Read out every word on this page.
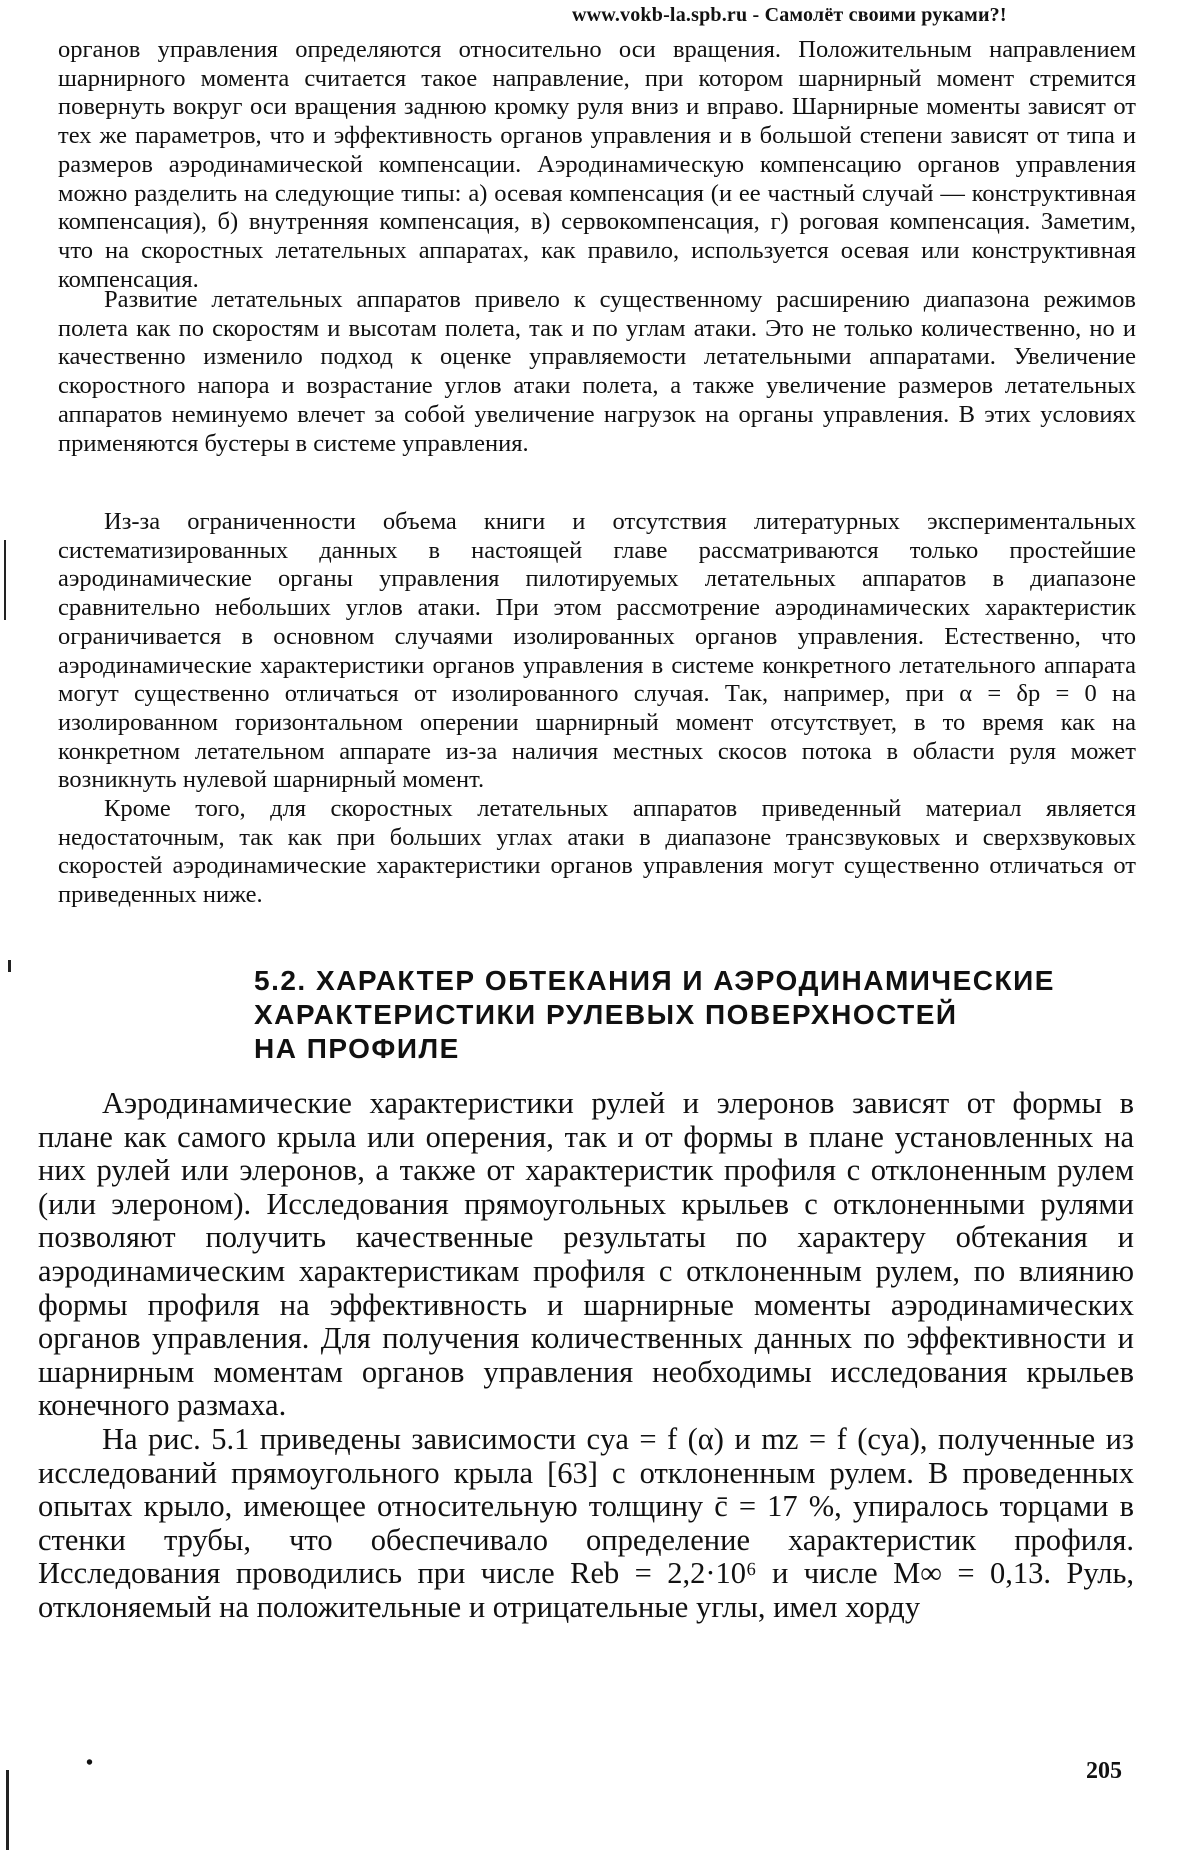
www.vokb-la.spb.ru - Самолёт своими руками?!

органов управления определяются относительно оси вращения. Положительным направлением шарнирного момента считается такое направление, при котором шарнирный момент стремится повернуть вокруг оси вращения заднюю кромку руля вниз и вправо. Шарнирные моменты зависят от тех же параметров, что и эффективность органов управления и в большой степени зависят от типа и размеров аэродинамической компенсации. Аэродинамическую компенсацию органов управления можно разделить на следующие типы: а) осевая компенсация (и ее частный случай — конструктивная компенсация), б) внутренняя компенсация, в) сервокомпенсация, г) роговая компенсация. Заметим, что на скоростных летательных аппаратах, как правило, используется осевая или конструктивная компенсация.

Развитие летательных аппаратов привело к существенному расширению диапазона режимов полета как по скоростям и высотам полета, так и по углам атаки. Это не только количественно, но и качественно изменило подход к оценке управляемости летательными аппаратами. Увеличение скоростного напора и возрастание углов атаки полета, а также увеличение размеров летательных аппаратов неминуемо влечет за собой увеличение нагрузок на органы управления. В этих условиях применяются бустеры в системе управления.

Из-за ограниченности объема книги и отсутствия литературных экспериментальных систематизированных данных в настоящей главе рассматриваются только простейшие аэродинамические органы управления пилотируемых летательных аппаратов в диапазоне сравнительно небольших углов атаки. При этом рассмотрение аэродинамических характеристик ограничивается в основном случаями изолированных органов управления. Естественно, что аэродинамические характеристики органов управления в системе конкретного летательного аппарата могут существенно отличаться от изолированного случая. Так, например, при α = δр = 0 на изолированном горизонтальном оперении шарнирный момент отсутствует, в то время как на конкретном летательном аппарате из-за наличия местных скосов потока в области руля может возникнуть нулевой шарнирный момент.

Кроме того, для скоростных летательных аппаратов приведенный материал является недостаточным, так как при больших углах атаки в диапазоне трансзвуковых и сверхзвуковых скоростей аэродинамические характеристики органов управления могут существенно отличаться от приведенных ниже.

5.2. ХАРАКТЕР ОБТЕКАНИЯ И АЭРОДИНАМИЧЕСКИЕ
ХАРАКТЕРИСТИКИ РУЛЕВЫХ ПОВЕРХНОСТЕЙ
НА ПРОФИЛЕ

Аэродинамические характеристики рулей и элеронов зависят от формы в плане как самого крыла или оперения, так и от формы в плане установленных на них рулей или элеронов, а также от характеристик профиля с отклоненным рулем (или элероном). Исследования прямоугольных крыльев с отклоненными рулями позволяют получить качественные результаты по характеру обтекания и аэродинамическим характеристикам профиля с отклоненным рулем, по влиянию формы профиля на эффективность и шарнирные моменты аэродинамических органов управления. Для получения количественных данных по эффективности и шарнирным моментам органов управления необходимы исследования крыльев конечного размаха.

На рис. 5.1 приведены зависимости cya = f (α) и mz = f (cya), полученные из исследований прямоугольного крыла [63] с отклоненным рулем. В проведенных опытах крыло, имеющее относительную толщину c̄ = 17 %, упиралось торцами в стенки трубы, что обеспечивало определение характеристик профиля. Исследования проводились при числе Reb = 2,2·10⁶ и числе M∞ = 0,13. Руль, отклоняемый на положительные и отрицательные углы, имел хорду

•	205
